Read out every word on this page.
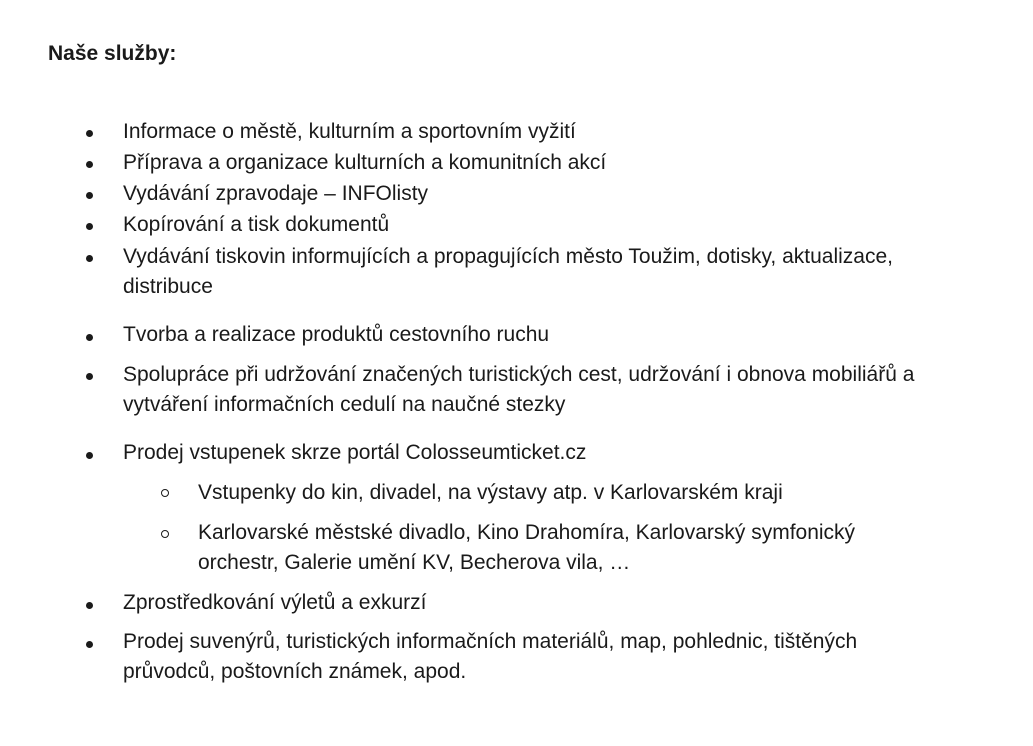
Naše služby:
Informace o městě, kulturním a sportovním vyžití
Příprava a organizace kulturních a komunitních akcí
Vydávání zpravodaje – INFOlisty
Kopírování a tisk dokumentů
Vydávání tiskovin informujících a propagujících město Toužim, dotisky, aktualizace,
distribuce
Tvorba a realizace produktů cestovního ruchu
Spolupráce při udržování značených turistických cest, udržování i obnova mobiliářů a
vytváření informačních cedulí na naučné stezky
Prodej vstupenek skrze portál Colosseumticket.cz
Vstupenky do kin, divadel, na výstavy atp. v Karlovarském kraji
Karlovarské městské divadlo, Kino Drahomíra, Karlovarský symfonický
orchestr, Galerie umění KV, Becherova vila, …
Zprostředkování výletů a exkurzí
Prodej suvenýrů, turistických informačních materiálů, map, pohlednic, tištěných
průvodců, poštovních známek, apod.
